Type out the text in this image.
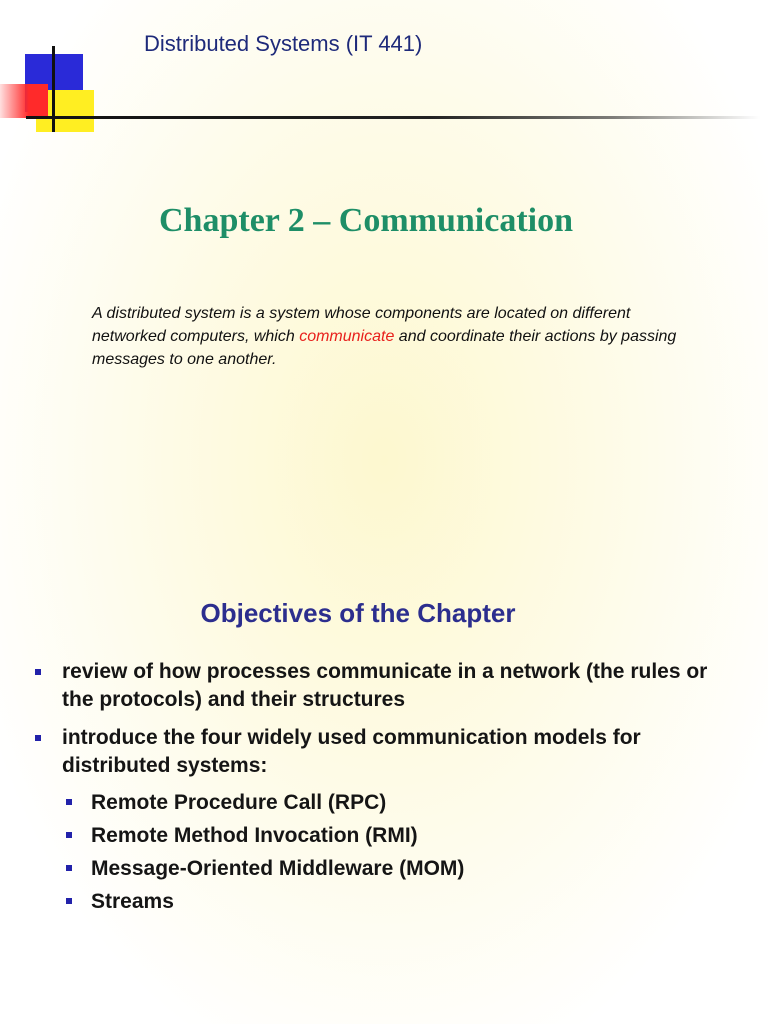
Distributed Systems (IT 441)
Chapter 2 – Communication
A distributed system is a system whose components are located on different networked computers, which communicate and coordinate their actions by passing messages to one another.
Objectives of the Chapter
review of how processes communicate in a network (the rules or the protocols) and their structures
introduce the four widely used communication models for distributed systems:
Remote Procedure Call (RPC)
Remote Method Invocation (RMI)
Message-Oriented Middleware (MOM)
Streams
